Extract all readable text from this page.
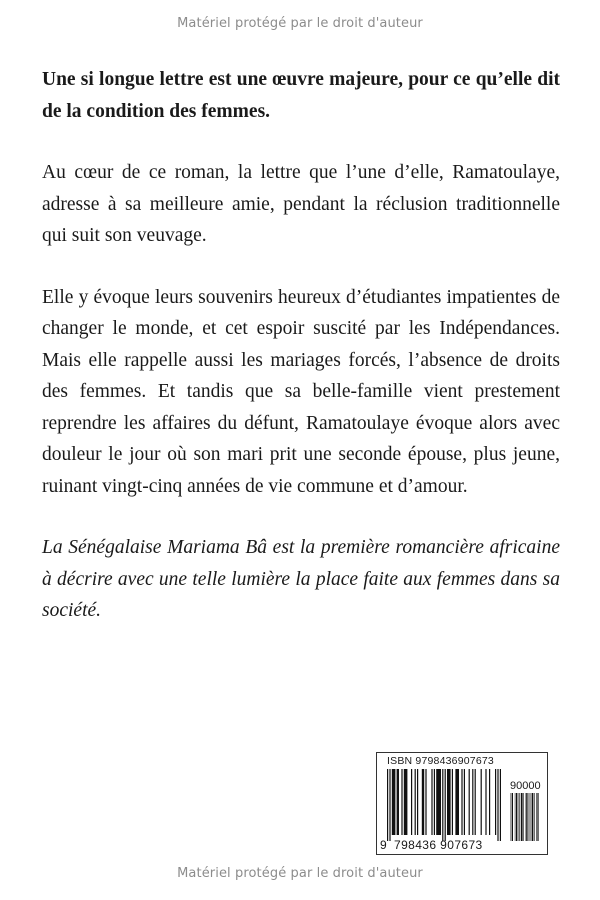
Matériel protégé par le droit d'auteur

Une si longue lettre est une œuvre majeure, pour ce qu’elle dit de la condition des femmes.

Au cœur de ce roman, la lettre que l’une d’elle, Ramatoulaye, adresse à sa meilleure amie, pendant la réclusion traditionnelle qui suit son veuvage.

Elle y évoque leurs souvenirs heureux d’étudiantes impatientes de changer le monde, et cet espoir suscité par les Indépendances. Mais elle rappelle aussi les mariages forcés, l’absence de droits des femmes. Et tandis que sa belle-famille vient prestement reprendre les affaires du défunt, Ramatoulaye évoque alors avec douleur le jour où son mari prit une seconde épouse, plus jeune, ruinant vingt-cinq années de vie commune et d’amour.

La Sénégalaise Mariama Bâ est la première romancière africaine à décrire avec une telle lumière la place faite aux femmes dans sa société.

ISBN 9798436907673
90000
9 798436 907673
Matériel protégé par le droit d'auteur
